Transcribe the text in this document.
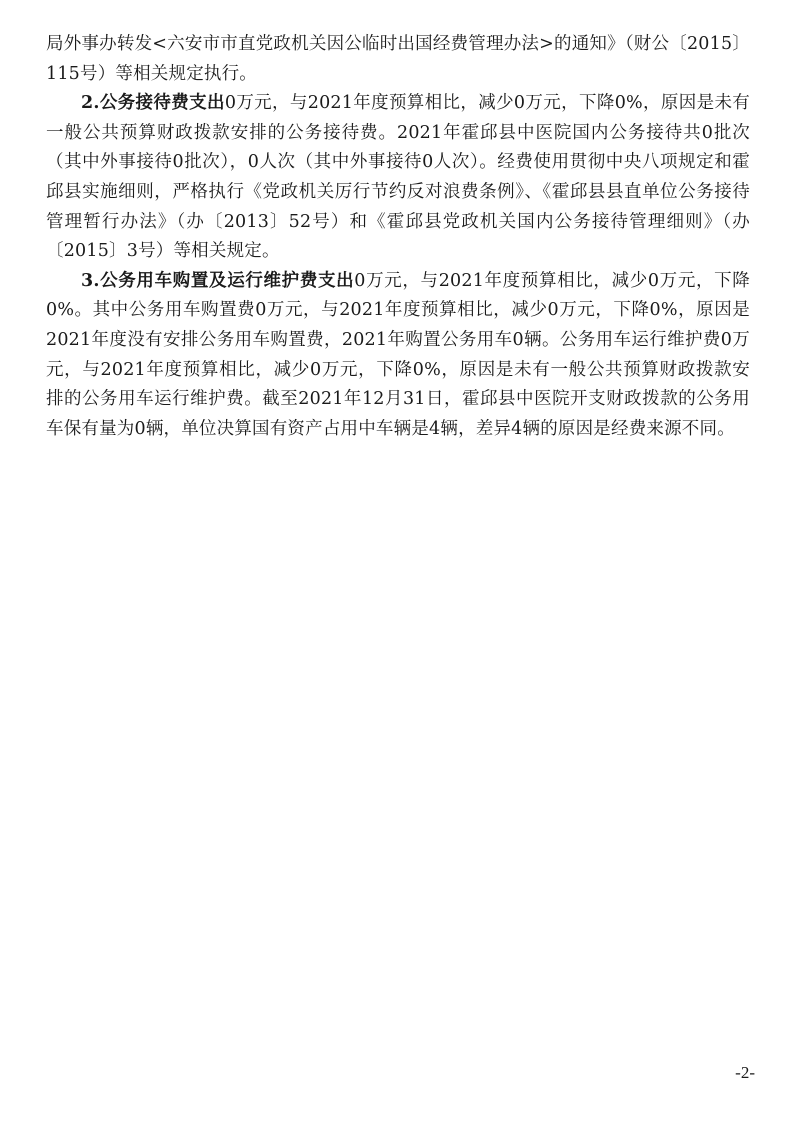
局外事办转发<六安市市直党政机关因公临时出国经费管理办法>的通知》（财公〔2015〕115号）等相关规定执行。

2.公务接待费支出0万元，与2021年度预算相比，减少0万元，下降0%，原因是未有一般公共预算财政拨款安排的公务接待费。2021年霍邱县中医院国内公务接待共0批次（其中外事接待0批次），0人次（其中外事接待0人次）。经费使用贯彻中央八项规定和霍邱县实施细则，严格执行《党政机关厉行节约反对浪费条例》、《霍邱县县直单位公务接待管理暂行办法》（办〔2013〕52号）和《霍邱县党政机关国内公务接待管理细则》（办〔2015〕3号）等相关规定。

3.公务用车购置及运行维护费支出0万元，与2021年度预算相比，减少0万元，下降0%。其中公务用车购置费0万元，与2021年度预算相比，减少0万元，下降0%，原因是2021年度没有安排公务用车购置费，2021年购置公务用车0辆。公务用车运行维护费0万元，与2021年度预算相比，减少0万元，下降0%，原因是未有一般公共预算财政拨款安排的公务用车运行维护费。截至2021年12月31日，霍邱县中医院开支财政拨款的公务用车保有量为0辆，单位决算国有资产占用中车辆是4辆，差异4辆的原因是经费来源不同。

-2-
